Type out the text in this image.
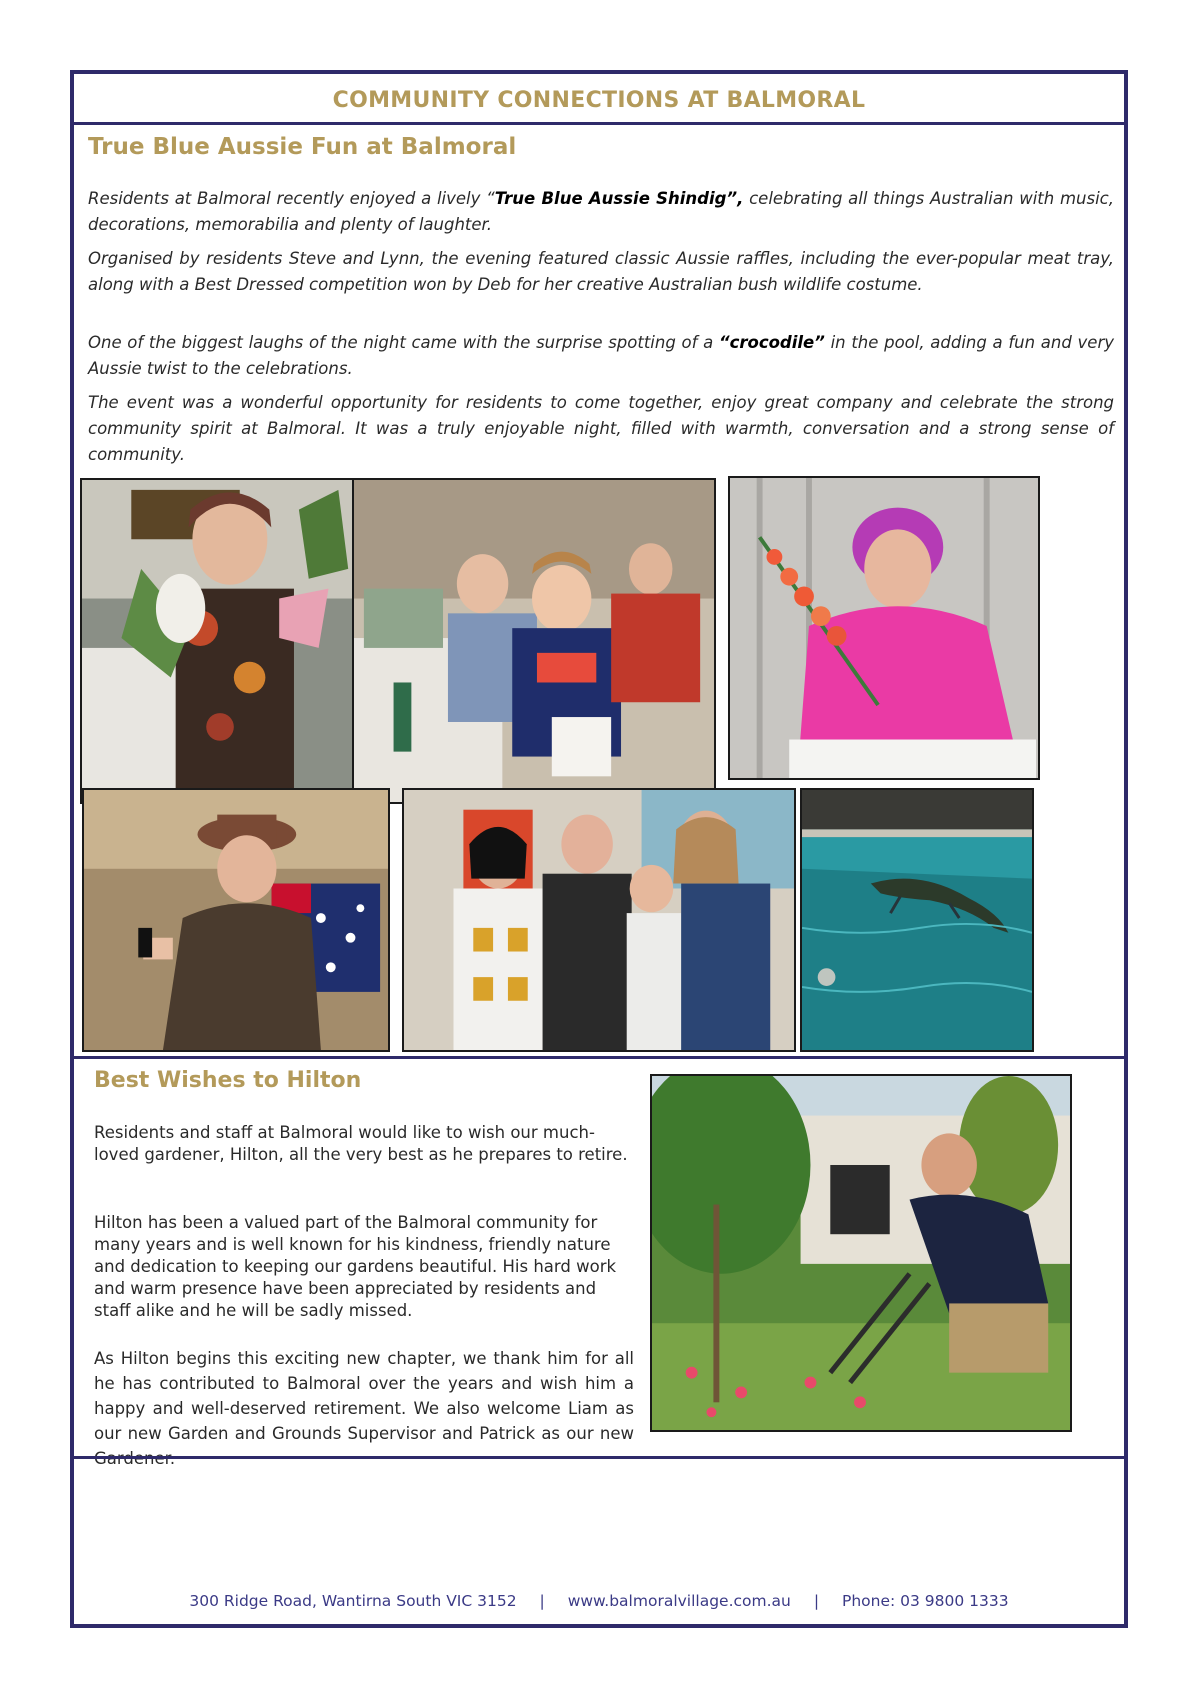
COMMUNITY CONNECTIONS AT BALMORAL
True Blue Aussie Fun at Balmoral

Residents at Balmoral recently enjoyed a lively “True Blue Aussie Shindig”, celebrating all things Australian with music, decorations, memorabilia and plenty of laughter.

Organised by residents Steve and Lynn, the evening featured classic Aussie raffles, including the ever-popular meat tray, along with a Best Dressed competition won by Deb for her creative Australian bush wildlife costume.

One of the biggest laughs of the night came with the surprise spotting of a “crocodile” in the pool, adding a fun and very Aussie twist to the celebrations.

The event was a wonderful opportunity for residents to come together, enjoy great company and celebrate the strong community spirit at Balmoral. It was a truly enjoyable night, filled with warmth, conversation and a strong sense of community.

Best Wishes to Hilton

Residents and staff at Balmoral would like to wish our much-loved gardener, Hilton, all the very best as he prepares to retire.

Hilton has been a valued part of the Balmoral community for many years and is well known for his kindness, friendly nature and dedication to keeping our gardens beautiful. His hard work and warm presence have been appreciated by residents and staff alike and he will be sadly missed.

As Hilton begins this exciting new chapter, we thank him for all he has contributed to Balmoral over the years and wish him a happy and well-deserved retirement. We also welcome Liam as our new Garden and Grounds Supervisor and Patrick as our new

300 Ridge Road, Wantirna South VIC 3152 | www.balmoralvillage.com.au | Phone: 03 9800 1333
